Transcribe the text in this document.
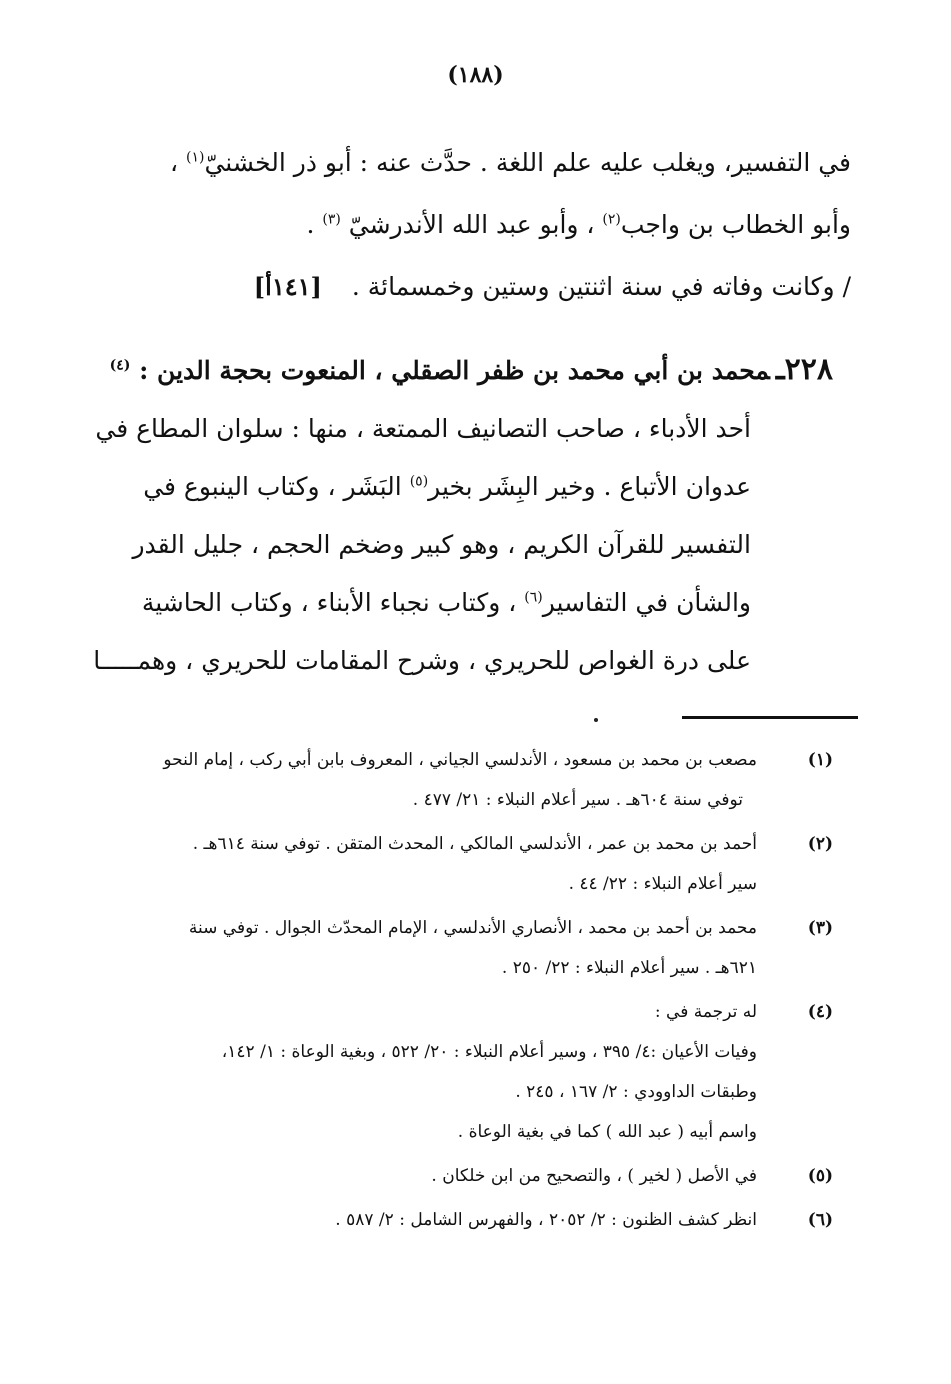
(١٨٨)
في التفسير، ويغلب عليه علم اللغة . حدَّث عنه : أبو ذر الخشنيّ$^{(١)}$ ،
وأبو الخطاب بن واجب$^{(٢)}$ ، وأبو عبد الله الأندرشيّ $^{(٣)}$ .
/ وكانت وفاته في سنة اثنتين وستين وخمسمائة .[١٤١أ]
٢٢٨ـمحمد بن أبي محمد بن ظفر الصقلي ، المنعوت بحجة الدين : $^{(٤)}$
أحد الأدباء ، صاحب التصانيف الممتعة ، منها : سلوان المطاع في
عدوان الأتباع . وخير البِشَر بخير$^{(٥)}$ البَشَر ، وكتاب الينبوع في
التفسير للقرآن الكريم ، وهو كبير وضخم الحجم ، جليل القدر
والشأن في التفاسير$^{(٦)}$ ، وكتاب نجباء الأبناء ، وكتاب الحاشية
على درة الغواص للحريري ، وشرح المقامات للحريري ، وهمـــــا
(١)
مصعب بن محمد بن مسعود ، الأندلسي الجياني ، المعروف بابن أبي ركب ، إمام النحو
توفي سنة ٦٠٤هـ . سير أعلام النبلاء : ٢١/ ٤٧٧ .
(٢)
أحمد بن محمد بن عمر ، الأندلسي المالكي ، المحدث المتقن . توفي سنة ٦١٤هـ .
سير أعلام النبلاء : ٢٢/ ٤٤ .
(٣)
محمد بن أحمد بن محمد ، الأنصاري الأندلسي ، الإمام المحدّث الجوال . توفي سنة
٦٢١هـ . سير أعلام النبلاء : ٢٢/ ٢٥٠ .
(٤)
له ترجمة في :
وفيات الأعيان :٤/ ٣٩٥ ، وسير أعلام النبلاء : ٢٠/ ٥٢٢ ، وبغية الوعاة : ١/ ١٤٢،
وطبقات الداوودي : ٢/ ١٦٧ ، ٢٤٥ .
واسم أبيه ( عبد الله ) كما في بغية الوعاة .
(٥)
في الأصل ( لخير ) ، والتصحيح من ابن خلكان .
(٦)
انظر كشف الظنون : ٢/ ٢٠٥٢ ، والفهرس الشامل : ٢/ ٥٨٧ .
